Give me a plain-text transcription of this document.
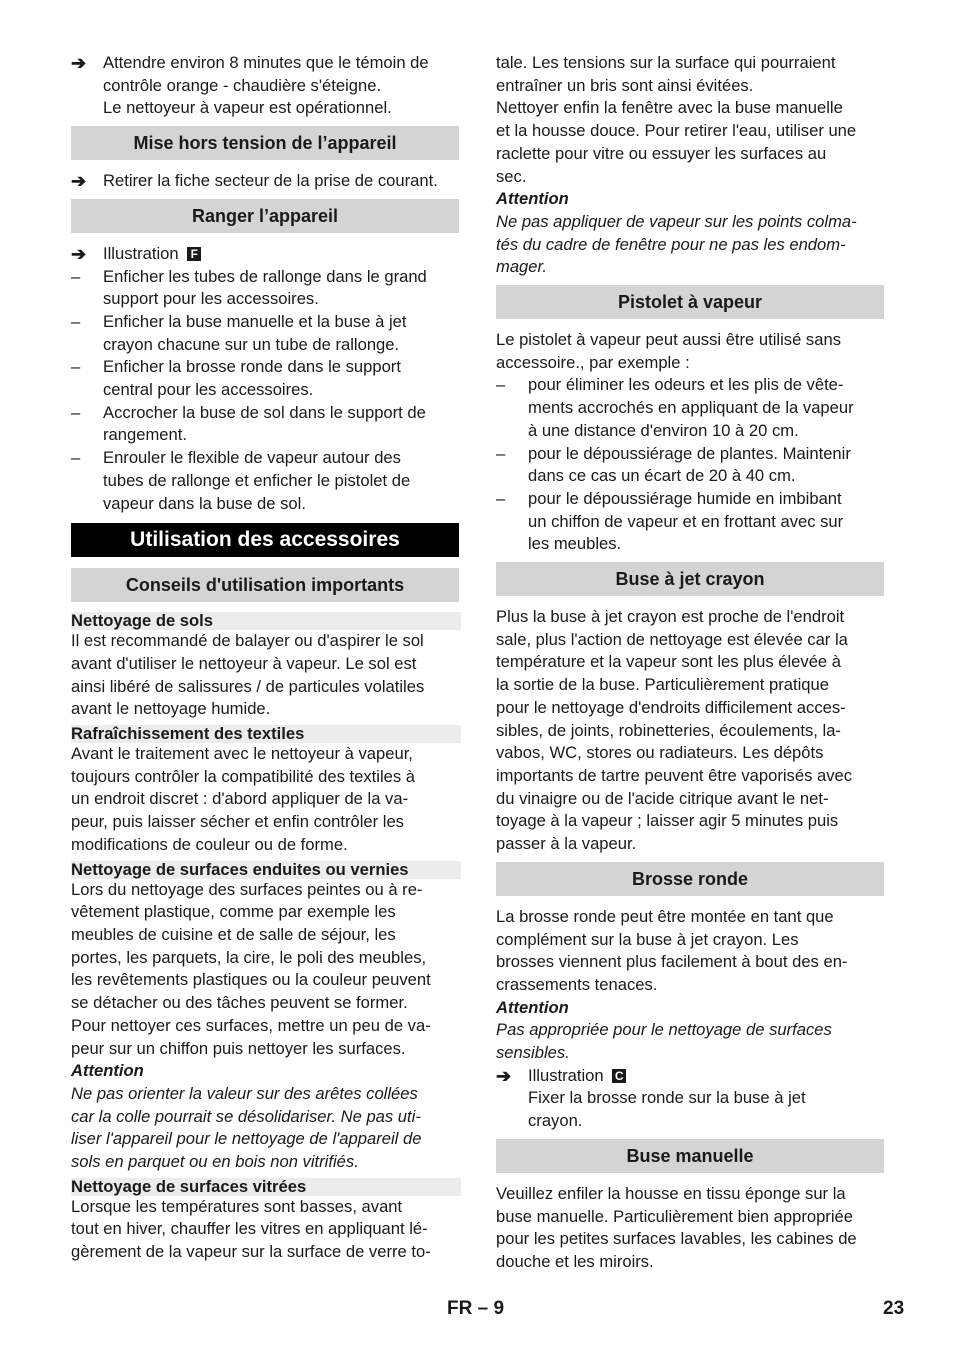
➔	Attendre environ 8 minutes que le témoin de
contrôle orange - chaudière s'éteigne.
Le nettoyeur à vapeur est opérationnel.
Mise hors tension de l’appareil
➔	Retirer la fiche secteur de la prise de courant.
Ranger l’appareil
➔	Illustration F
–	Enficher les tubes de rallonge dans le grand
support pour les accessoires.
–	Enficher la buse manuelle et la buse à jet
crayon chacune sur un tube de rallonge.
–	Enficher la brosse ronde dans le support
central pour les accessoires.
–	Accrocher la buse de sol dans le support de
rangement.
–	Enrouler le flexible de vapeur autour des
tubes de rallonge et enficher le pistolet de
vapeur dans la buse de sol.
Utilisation des accessoires
Conseils d'utilisation importants
Nettoyage de sols
Il est recommandé de balayer ou d'aspirer le sol
avant d'utiliser le nettoyeur à vapeur. Le sol est
ainsi libéré de salissures / de particules volatiles
avant le nettoyage humide.
Rafraîchissement des textiles
Avant le traitement avec le nettoyeur à vapeur,
toujours contrôler la compatibilité des textiles à
un endroit discret : d'abord appliquer de la va-
peur, puis laisser sécher et enfin contrôler les
modifications de couleur ou de forme.
Nettoyage de surfaces enduites ou vernies
Lors du nettoyage des surfaces peintes ou à re-
vêtement plastique, comme par exemple les
meubles de cuisine et de salle de séjour, les
portes, les parquets, la cire, le poli des meubles,
les revêtements plastiques ou la couleur peuvent
se détacher ou des tâches peuvent se former.
Pour nettoyer ces surfaces, mettre un peu de va-
peur sur un chiffon puis nettoyer les surfaces.
Attention
Ne pas orienter la valeur sur des arêtes collées
car la colle pourrait se désolidariser. Ne pas uti-
liser l'appareil pour le nettoyage de l'appareil de
sols en parquet ou en bois non vitrifiés.
Nettoyage de surfaces vitrées
Lorsque les températures sont basses, avant
tout en hiver, chauffer les vitres en appliquant lé-
gèrement de la vapeur sur la surface de verre to-
tale. Les tensions sur la surface qui pourraient
entraîner un bris sont ainsi évitées.
Nettoyer enfin la fenêtre avec la buse manuelle
et la housse douce. Pour retirer l'eau, utiliser une
raclette pour vitre ou essuyer les surfaces au
sec.
Attention
Ne pas appliquer de vapeur sur les points colma-
tés du cadre de fenêtre pour ne pas les endom-
mager.
Pistolet à vapeur
Le pistolet à vapeur peut aussi être utilisé sans
accessoire., par exemple :
–	pour éliminer les odeurs et les plis de vête-
ments accrochés en appliquant de la vapeur
à une distance d'environ 10 à 20 cm.
–	pour le dépoussiérage de plantes. Maintenir
dans ce cas un écart de 20 à 40 cm.
–	pour le dépoussiérage humide en imbibant
un chiffon de vapeur et en frottant avec sur
les meubles.
Buse à jet crayon
Plus la buse à jet crayon est proche de l'endroit
sale, plus l'action de nettoyage est élevée car la
température et la vapeur sont les plus élevée à
la sortie de la buse. Particulièrement pratique
pour le nettoyage d'endroits difficilement acces-
sibles, de joints, robinetteries, écoulements, la-
vabos, WC, stores ou radiateurs. Les dépôts
importants de tartre peuvent être vaporisés avec
du vinaigre ou de l'acide citrique avant le net-
toyage à la vapeur ; laisser agir 5 minutes puis
passer à la vapeur.
Brosse ronde
La brosse ronde peut être montée en tant que
complément sur la buse à jet crayon. Les
brosses viennent plus facilement à bout des en-
crassements tenaces.
Attention
Pas appropriée pour le nettoyage de surfaces
sensibles.
➔	Illustration C
Fixer la brosse ronde sur la buse à jet
crayon.
Buse manuelle
Veuillez enfiler la housse en tissu éponge sur la
buse manuelle. Particulièrement bien appropriée
pour les petites surfaces lavables, les cabines de
douche et les miroirs.
FR – 9	23
